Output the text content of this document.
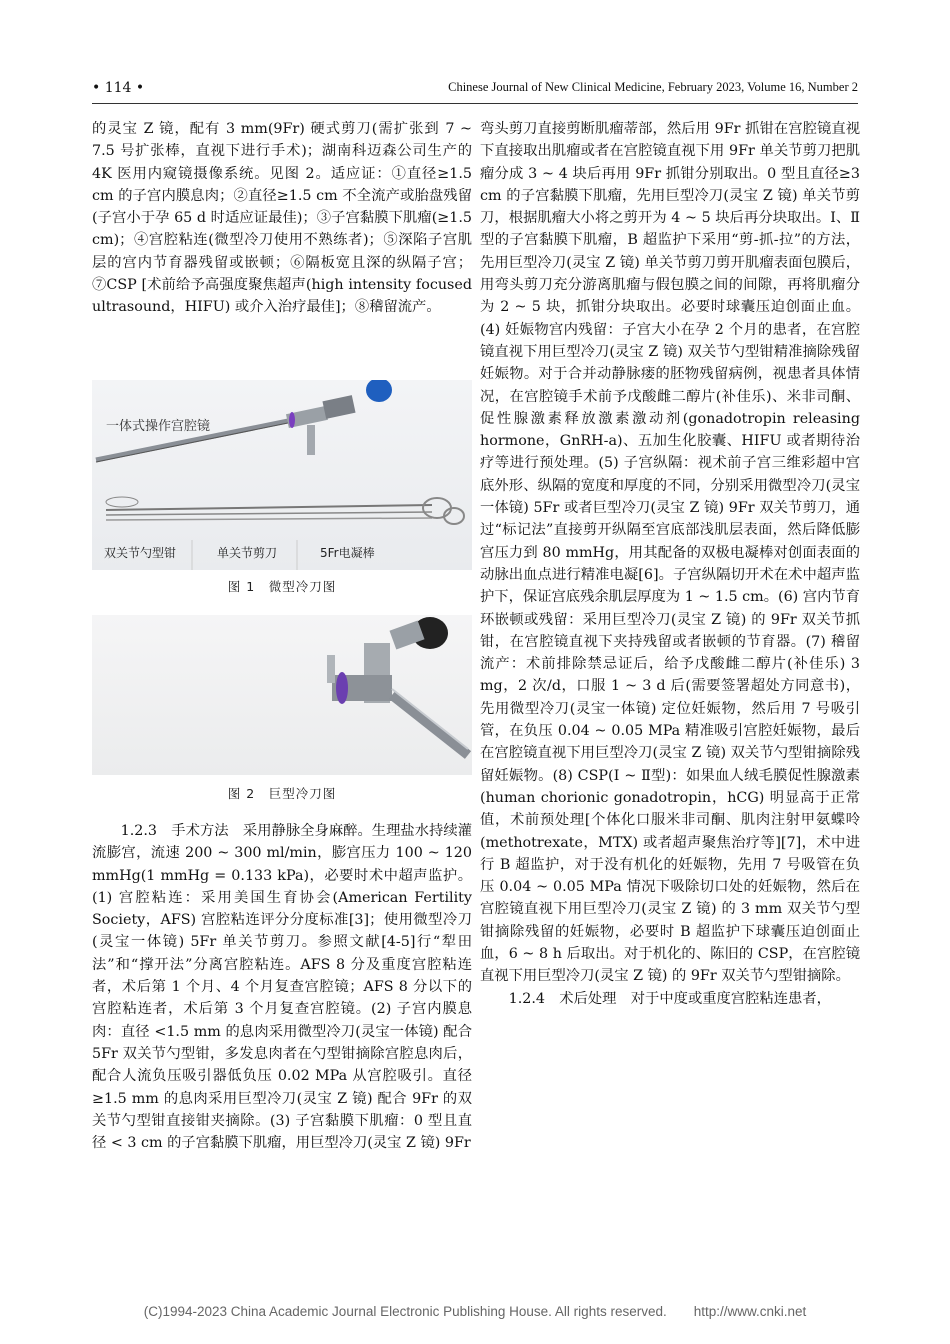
• 114 •	Chinese Journal of New Clinical Medicine, February 2023, Volume 16, Number 2

的灵宝 Z 镜，配有 3 mm(9Fr) 硬式剪刀(需扩张到 7 ~ 7.5 号扩张棒，直视下进行手术)；湖南科迈森公司生产的 4K 医用内窥镜摄像系统。见图 2。适应证：①直径≥1.5 cm 的子宫内膜息肉；②直径≥1.5 cm 不全流产或胎盘残留(子宫小于孕 65 d 时适应证最佳)；③子宫黏膜下肌瘤(≥1.5 cm)；④宫腔粘连(微型冷刀使用不熟练者)；⑤深陷子宫肌层的宫内节育器残留或嵌顿；⑥隔板宽且深的纵隔子宫；⑦CSP [术前给予高强度聚焦超声(high intensity focused ultrasound，HIFU) 或介入治疗最佳]；⑧稽留流产。

一体式操作宫腔镜
双关节勺型钳	单关节剪刀	5Fr电凝棒
图 1　微型冷刀图
图 2　巨型冷刀图

1.2.3　手术方法　采用静脉全身麻醉。生理盐水持续灌流膨宫，流速 200 ~ 300 ml/min，膨宫压力 100 ~ 120 mmHg(1 mmHg = 0.133 kPa)，必要时术中超声监护。(1) 宫腔粘连：采用美国生育协会(American Fertility Society，AFS) 宫腔粘连评分分度标准[3]；使用微型冷刀(灵宝一体镜) 5Fr 单关节剪刀。参照文献[4-5]行“犁田法”和“撑开法”分离宫腔粘连。AFS 8 分及重度宫腔粘连者，术后第 1 个月、4 个月复查宫腔镜；AFS 8 分以下的宫腔粘连者，术后第 3 个月复查宫腔镜。(2) 子宫内膜息肉：直径 <1.5 mm 的息肉采用微型冷刀(灵宝一体镜) 配合 5Fr 双关节勺型钳，多发息肉者在勺型钳摘除宫腔息肉后，配合人流负压吸引器低负压 0.02 MPa 从宫腔吸引。直径≥1.5 mm 的息肉采用巨型冷刀(灵宝 Z 镜) 配合 9Fr 的双关节勺型钳直接钳夹摘除。(3) 子宫黏膜下肌瘤：0 型且直径 < 3 cm 的子宫黏膜下肌瘤，用巨型冷刀(灵宝 Z 镜) 9Fr

弯头剪刀直接剪断肌瘤蒂部，然后用 9Fr 抓钳在宫腔镜直视下直接取出肌瘤或者在宫腔镜直视下用 9Fr 单关节剪刀把肌瘤分成 3 ~ 4 块后再用 9Fr 抓钳分别取出。0 型且直径≥3 cm 的子宫黏膜下肌瘤，先用巨型冷刀(灵宝 Z 镜) 单关节剪刀，根据肌瘤大小将之剪开为 4 ~ 5 块后再分块取出。Ⅰ、Ⅱ型的子宫黏膜下肌瘤，B 超监护下采用“剪-抓-拉”的方法，先用巨型冷刀(灵宝 Z 镜) 单关节剪刀剪开肌瘤表面包膜后，用弯头剪刀充分游离肌瘤与假包膜之间的间隙，再将肌瘤分为 2 ~ 5 块，抓钳分块取出。必要时球囊压迫创面止血。(4) 妊娠物宫内残留：子宫大小在孕 2 个月的患者，在宫腔镜直视下用巨型冷刀(灵宝 Z 镜) 双关节勺型钳精准摘除残留妊娠物。对于合并动静脉瘘的胚物残留病例，视患者具体情况，在宫腔镜手术前予戊酸雌二醇片(补佳乐)、米非司酮、促性腺激素释放激素激动剂(gonadotropin releasing hormone，GnRH-a)、五加生化胶囊、HIFU 或者期待治疗等进行预处理。(5) 子宫纵隔：视术前子宫三维彩超中宫底外形、纵隔的宽度和厚度的不同，分别采用微型冷刀(灵宝一体镜) 5Fr 或者巨型冷刀(灵宝 Z 镜) 9Fr 双关节剪刀，通过“标记法”直接剪开纵隔至宫底部浅肌层表面，然后降低膨宫压力到 80 mmHg，用其配备的双极电凝棒对创面表面的动脉出血点进行精准电凝[6]。子宫纵隔切开术在术中超声监护下，保证宫底残余肌层厚度为 1 ~ 1.5 cm。(6) 宫内节育环嵌顿或残留：采用巨型冷刀(灵宝 Z 镜) 的 9Fr 双关节抓钳，在宫腔镜直视下夹持残留或者嵌顿的节育器。(7) 稽留流产：术前排除禁忌证后，给予戊酸雌二醇片(补佳乐) 3 mg，2 次/d，口服 1 ~ 3 d 后(需要签署超处方同意书)，先用微型冷刀(灵宝一体镜) 定位妊娠物，然后用 7 号吸引管，在负压 0.04 ~ 0.05 MPa 精准吸引宫腔妊娠物，最后在宫腔镜直视下用巨型冷刀(灵宝 Z 镜) 双关节勺型钳摘除残留妊娠物。(8) CSP(Ⅰ ~ Ⅱ型)：如果血人绒毛膜促性腺激素(human chorionic gonadotropin，hCG) 明显高于正常值，术前预处理[个体化口服米非司酮、肌肉注射甲氨蝶呤(methotrexate，MTX) 或者超声聚焦治疗等][7]，术中进行 B 超监护，对于没有机化的妊娠物，先用 7 号吸管在负压 0.04 ~ 0.05 MPa 情况下吸除切口处的妊娠物，然后在宫腔镜直视下用巨型冷刀(灵宝 Z 镜) 的 3 mm 双关节勺型钳摘除残留的妊娠物，必要时 B 超监护下球囊压迫创面止血，6 ~ 8 h 后取出。对于机化的、陈旧的 CSP，在宫腔镜直视下用巨型冷刀(灵宝 Z 镜) 的 9Fr 双关节勺型钳摘除。

1.2.4　术后处理　对于中度或重度宫腔粘连患者，

(C)1994-2023 China Academic Journal Electronic Publishing House. All rights reserved.　　http://www.cnki.net
